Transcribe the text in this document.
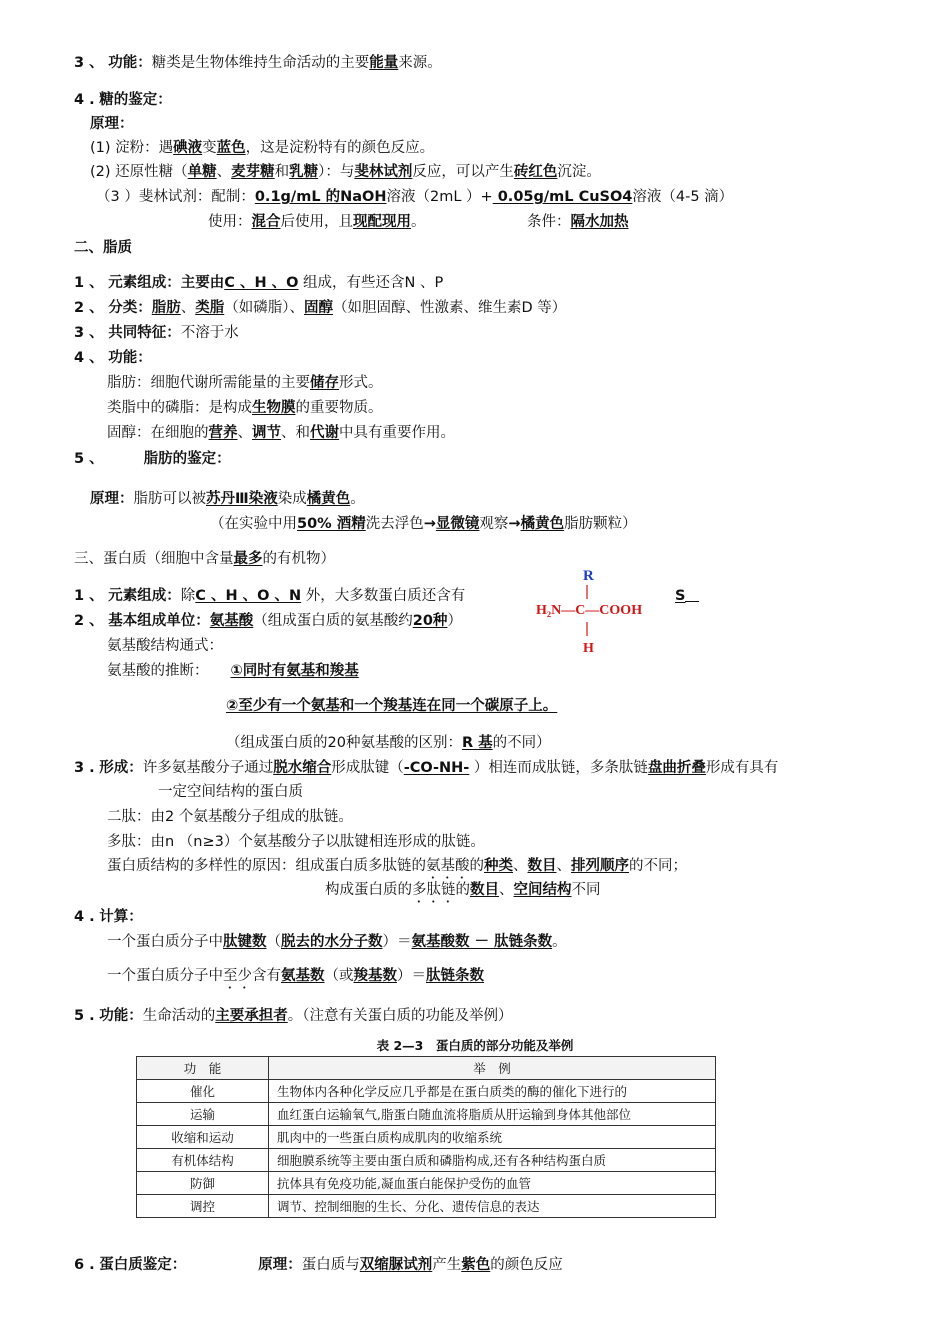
3 、 功能：糖类是生物体维持生命活动的主要能量来源。
4 . 糖的鉴定：
原理：
(1) 淀粉：遇碘液变蓝色，这是淀粉特有的颜色反应。
(2) 还原性糖（单糖、麦芽糖和乳糖）：与斐林试剂反应，可以产生砖红色沉淀。
（3 ）斐林试剂：配制：0.1g/mL 的NaOH溶液（2mL ）+ 0.05g/mL CuSO4溶液（4-5 滴）
使用：混合后使用，且现配现用。	条件：隔水加热
二、脂质
1 、 元素组成：主要由C 、H 、O 组成，有些还含N 、P
2 、 分类：脂肪、类脂（如磷脂）、固醇（如胆固醇、性激素、维生素D 等）
3 、 共同特征：不溶于水
4 、 功能：
脂肪：细胞代谢所需能量的主要储存形式。
类脂中的磷脂：是构成生物膜的重要物质。
固醇：在细胞的营养、调节、和代谢中具有重要作用。
5 、	脂肪的鉴定：
原理：脂肪可以被苏丹Ⅲ染液染成橘黄色。
（在实验中用50% 酒精洗去浮色→显微镜观察→橘黄色脂肪颗粒）
三、蛋白质（细胞中含量最多的有机物）
1 、 元素组成：除C 、H 、O 、N 外，大多数蛋白质还含有	S
2 、 基本组成单位：氨基酸（组成蛋白质的氨基酸约20种）
R
H₂N—C—COOH
H
氨基酸结构通式：
氨基酸的推断： ①同时有氨基和羧基
②至少有一个氨基和一个羧基连在同一个碳原子上。
（组成蛋白质的20种氨基酸的区别：R 基的不同）
3 . 形成：许多氨基酸分子通过脱水缩合形成肽键（-CO-NH- ）相连而成肽链，多条肽链盘曲折叠形成有具有
一定空间结构的蛋白质
二肽：由2 个氨基酸分子组成的肽链。
多肽：由n （n≥3）个氨基酸分子以肽键相连形成的肽链。
蛋白质结构的多样性的原因：组成蛋白质多肽链的氨基酸的种类、数目、排列顺序的不同；
构成蛋白质的多肽链的数目、空间结构不同
4 . 计算：
一个蛋白质分子中肽键数（脱去的水分子数）＝氨基酸数 － 肽链条数。
一个蛋白质分子中至少含有氨基数（或羧基数）＝肽链条数
5 . 功能：生命活动的主要承担者。（注意有关蛋白质的功能及举例）
表 2—3　蛋白质的部分功能及举例
功　能	举　例
催化	生物体内各种化学反应几乎都是在蛋白质类的酶的催化下进行的
运输	血红蛋白运输氧气,脂蛋白随血流将脂质从肝运输到身体其他部位
收缩和运动	肌肉中的一些蛋白质构成肌肉的收缩系统
有机体结构	细胞膜系统等主要由蛋白质和磷脂构成,还有各种结构蛋白质
防御	抗体具有免疫功能,凝血蛋白能保护受伤的血管
调控	调节、控制细胞的生长、分化、遗传信息的表达
6 . 蛋白质鉴定：	原理：蛋白质与双缩脲试剂产生紫色的颜色反应
